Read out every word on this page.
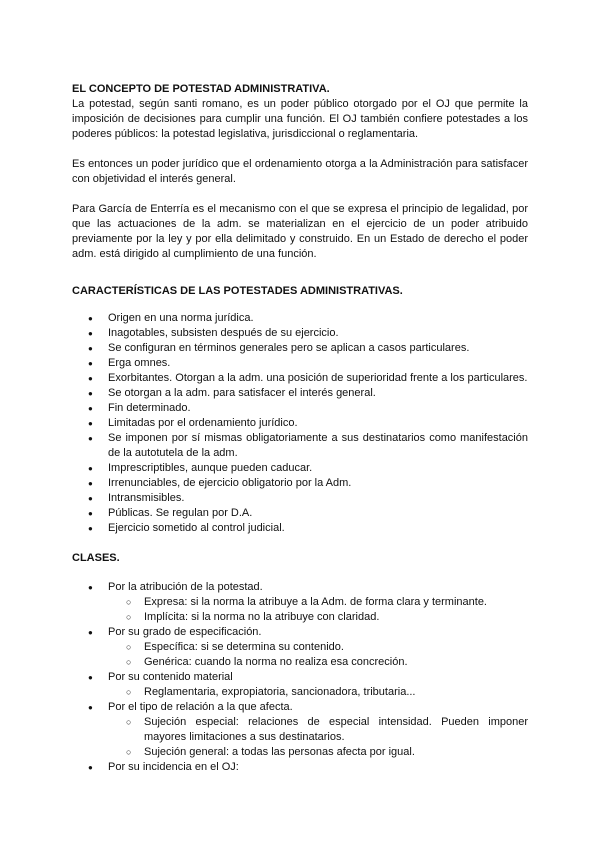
EL CONCEPTO DE POTESTAD ADMINISTRATIVA.

La potestad, según santi romano, es un poder público otorgado por el OJ que permite la imposición de decisiones para cumplir una función. El OJ también confiere potestades a los poderes públicos: la potestad legislativa, jurisdiccional o reglamentaria.

Es entonces un poder jurídico que el ordenamiento otorga a la Administración para satisfacer con objetividad el interés general.

Para García de Enterría es el mecanismo con el que se expresa el principio de legalidad, por que las actuaciones de la adm. se materializan en el ejercicio de un poder atribuido previamente por la ley y por ella delimitado y construido. En un Estado de derecho el poder adm. está dirigido al cumplimiento de una función.

CARACTERÍSTICAS DE LAS POTESTADES ADMINISTRATIVAS.
● Origen en una norma jurídica.
● Inagotables, subsisten después de su ejercicio.
● Se configuran en términos generales pero se aplican a casos particulares.
● Erga omnes.
● Exorbitantes. Otorgan a la adm. una posición de superioridad frente a los particulares.
● Se otorgan a la adm. para satisfacer el interés general.
● Fin determinado.
● Limitadas por el ordenamiento jurídico.
● Se imponen por sí mismas obligatoriamente a sus destinatarios como manifestación de la autotutela de la adm.
● Imprescriptibles, aunque pueden caducar.
● Irrenunciables, de ejercicio obligatorio por la Adm.
● Intransmisibles.
● Públicas. Se regulan por D.A.
● Ejercicio sometido al control judicial.
CLASES.
● Por la atribución de la potestad.
○ Expresa: si la norma la atribuye a la Adm. de forma clara y terminante.
○ Implícita: si la norma no la atribuye con claridad.
● Por su grado de especificación.
○ Específica: si se determina su contenido.
○ Genérica: cuando la norma no realiza esa concreción.
● Por su contenido material
○ Reglamentaria, expropiatoria, sancionadora, tributaria...
● Por el tipo de relación a la que afecta.
○ Sujeción especial: relaciones de especial intensidad. Pueden imponer mayores limitaciones a sus destinatarios.
○ Sujeción general: a todas las personas afecta por igual.
● Por su incidencia en el OJ:
